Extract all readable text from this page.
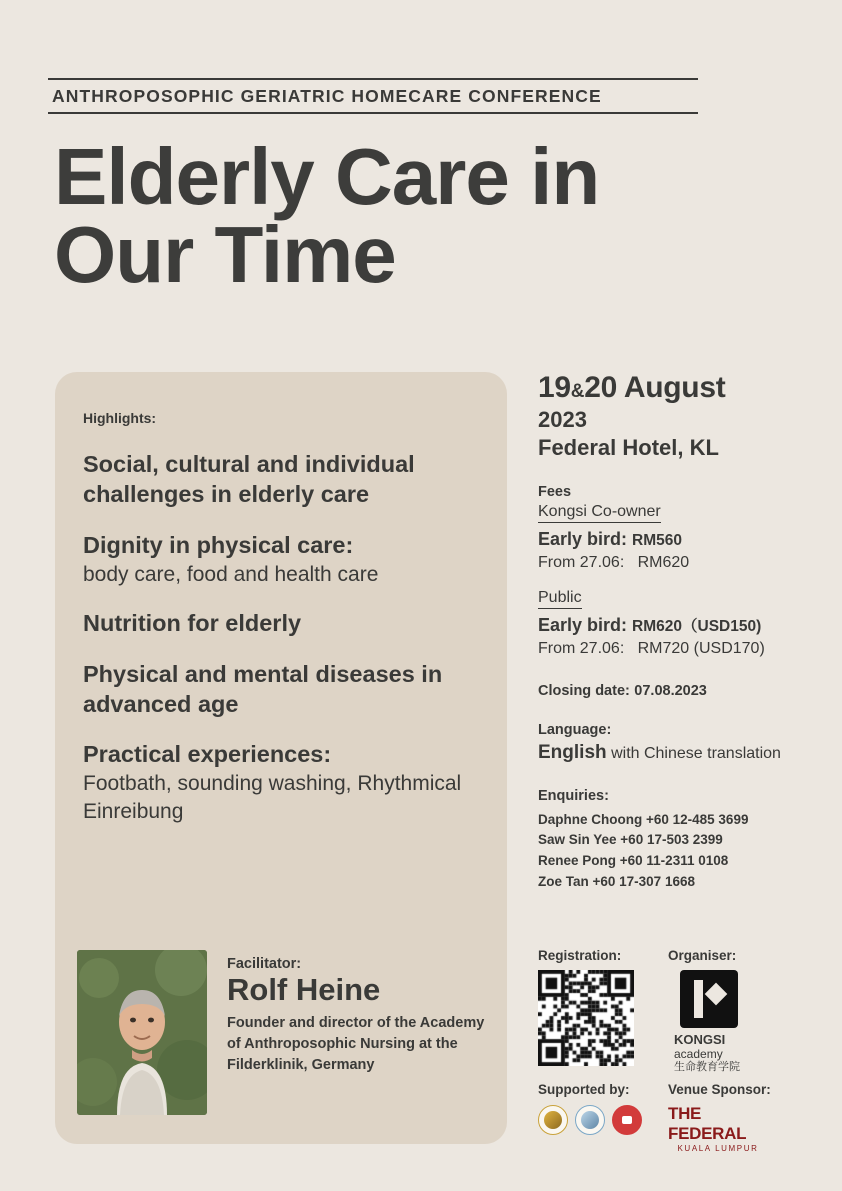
ANTHROPOSOPHIC GERIATRIC HOMECARE CONFERENCE
Elderly Care in
Our Time
Highlights:
Social, cultural and individual challenges in elderly care
Dignity in physical care:
body care, food and health care
Nutrition for elderly
Physical and mental diseases in advanced age
Practical experiences:
Footbath, sounding washing, Rhythmical Einreibung
Facilitator:
Rolf Heine
Founder and director of the Academy of Anthroposophic Nursing at the Filderklinik, Germany
19&20 August
2023
Federal Hotel, KL
Fees
Kongsi Co-owner
Early bird: RM560
From 27.06: RM620
Public
Early bird: RM620（USD150)
From 27.06: RM720 (USD170)
Closing date: 07.08.2023
Language:
English with Chinese translation
Enquiries:
Daphne Choong +60 12-485 3699
Saw Sin Yee +60 17-503 2399
Renee Pong +60 11-2311 0108
Zoe Tan +60 17-307 1668
Registration:	Organiser:
KONGSI
academy
生命教育学院
Supported by:	Venue Sponsor:
THE FEDERAL
KUALA LUMPUR
